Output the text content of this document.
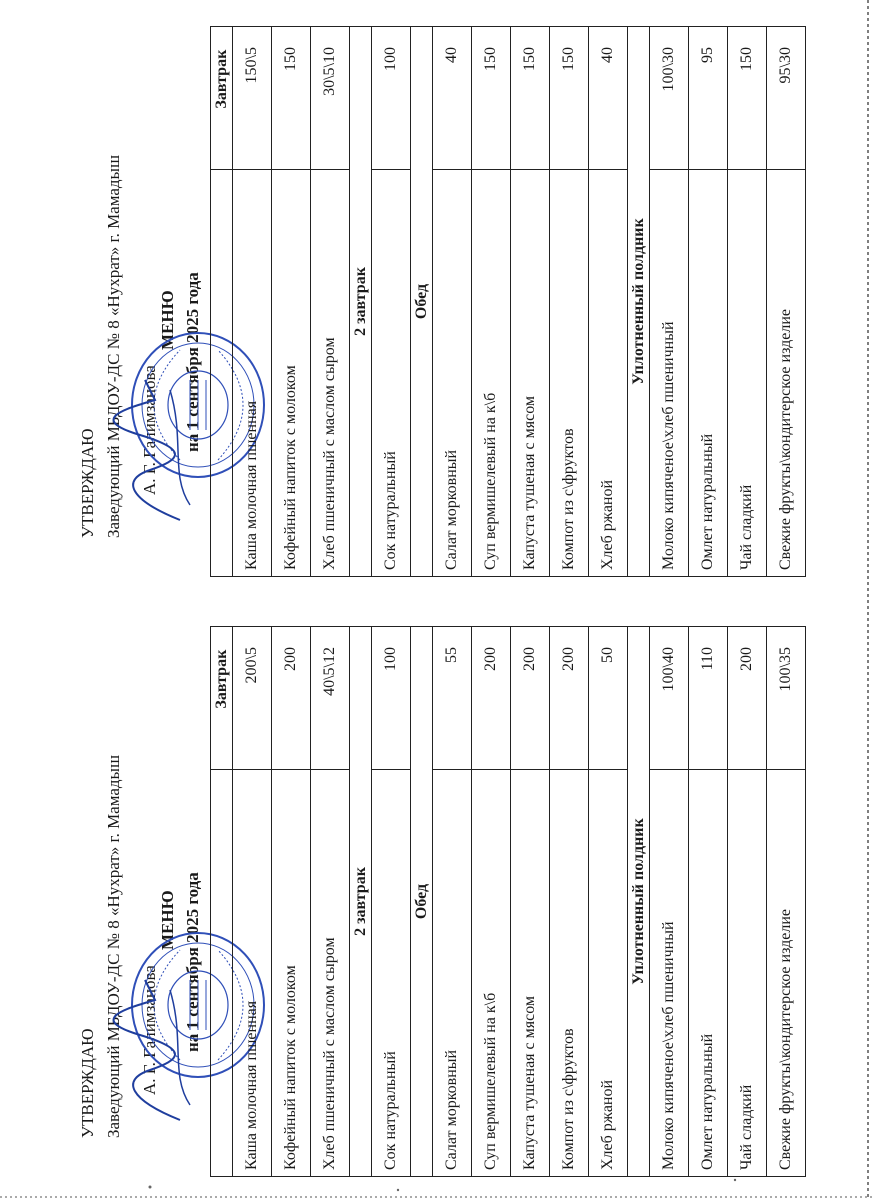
УТВЕРЖДАЮ Заведующий МБДОУ-ДС № 8 «Нухрат» г. Мамадыш А. Г. Галимзанова

МЕНЮ на 1 сентября 2025 года

	Завтрак
Каша молочная пшенная	200\5
Кофейный напиток с молоком	200
Хлеб пшеничный с маслом сыром	40\5\12
2 завтрак	
Сок натуральный	100
Обед	
Салат морковный	55
Суп вермишелевый на к\б	200
Капуста тушеная с мясом	200
Компот из с\фруктов	200
Хлеб ржаной	50
Уплотненный полдник	
Молоко кипяченое\хлеб пшеничный	100\40
Омлет натуральный	110
Чай сладкий	200
Свежие фрукты\кондитерское изделие	100\35

УТВЕРЖДАЮ Заведующий МБДОУ-ДС № 8 «Нухрат» г. Мамадыш А. Г. Галимзанова

МЕНЮ на 1 сентября 2025 года

	Завтрак
Каша молочная пшенная	150\5
Кофейный напиток с молоком	150
Хлеб пшеничный с маслом сыром	30\5\10
2 завтрак	
Сок натуральный	100
Обед	
Салат морковный	40
Суп вермишелевый на к\б	150
Капуста тушеная с мясом	150
Компот из с\фруктов	150
Хлеб ржаной	40
Уплотненный полдник	
Молоко кипяченое\хлеб пшеничный	100\30
Омлет натуральный	95
Чай сладкий	150
Свежие фрукты\кондитерское изделие	95\30
